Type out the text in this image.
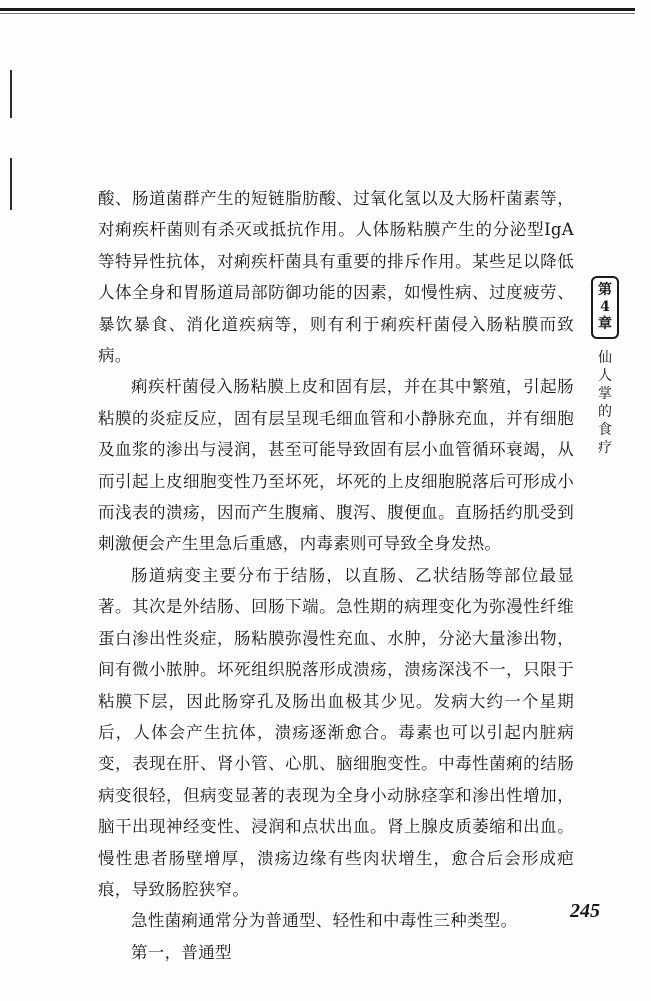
酸、肠道菌群产生的短链脂肪酸、过氧化氢以及大肠杆菌素等，对痢疾杆菌则有杀灭或抵抗作用。人体肠粘膜产生的分泌型IgA等特异性抗体，对痢疾杆菌具有重要的排斥作用。某些足以降低人体全身和胃肠道局部防御功能的因素，如慢性病、过度疲劳、暴饮暴食、消化道疾病等，则有利于痢疾杆菌侵入肠粘膜而致病。

痢疾杆菌侵入肠粘膜上皮和固有层，并在其中繁殖，引起肠粘膜的炎症反应，固有层呈现毛细血管和小静脉充血，并有细胞及血浆的渗出与浸润，甚至可能导致固有层小血管循环衰竭，从而引起上皮细胞变性乃至坏死，坏死的上皮细胞脱落后可形成小而浅表的溃疡，因而产生腹痛、腹泻、腹便血。直肠括约肌受到刺激便会产生里急后重感，内毒素则可导致全身发热。

肠道病变主要分布于结肠，以直肠、乙状结肠等部位最显著。其次是外结肠、回肠下端。急性期的病理变化为弥漫性纤维蛋白渗出性炎症，肠粘膜弥漫性充血、水肿，分泌大量渗出物，间有微小脓肿。坏死组织脱落形成溃疡，溃疡深浅不一，只限于粘膜下层，因此肠穿孔及肠出血极其少见。发病大约一个星期后，人体会产生抗体，溃疡逐渐愈合。毒素也可以引起内脏病变，表现在肝、肾小管、心肌、脑细胞变性。中毒性菌痢的结肠病变很轻，但病变显著的表现为全身小动脉痉挛和渗出性增加，脑干出现神经变性、浸润和点状出血。肾上腺皮质萎缩和出血。慢性患者肠壁增厚，溃疡边缘有些肉状增生，愈合后会形成疤痕，导致肠腔狭窄。

急性菌痢通常分为普通型、轻性和中毒性三种类型。

第一，普通型

第4章
仙人掌的食疗
245
